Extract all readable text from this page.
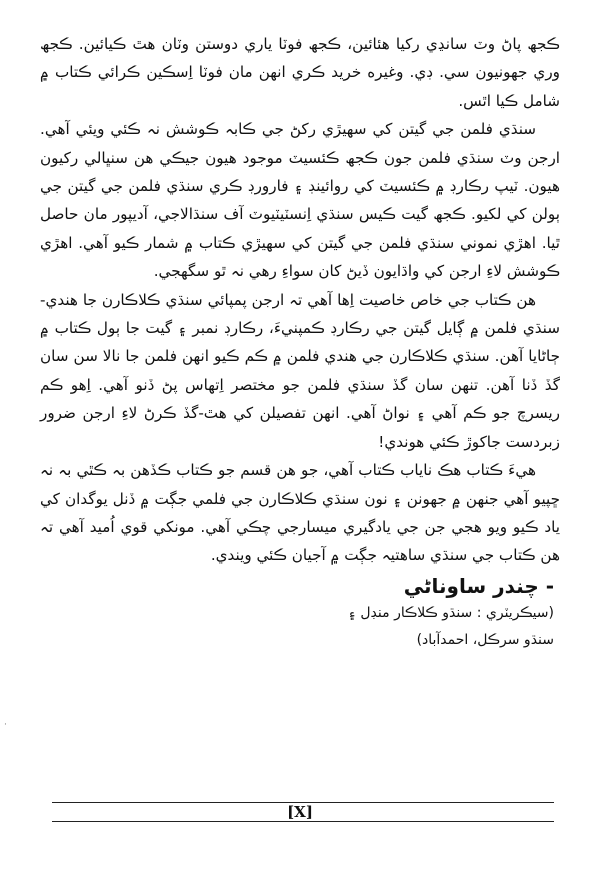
ڪجھ پاڻ وٽ سانڍي رکيا هئائين، ڪجھ فوٽا ياري دوستن وٽان هٿ ڪيائين. ڪجھ وري جهونيون سي. ڊي. وغيره خريد ڪري انهن مان فوٽا اِسڪين ڪرائي ڪتاب ۾ شامل ڪيا اٿس.

سنڌي فلمن جي گيتن کي سهيڙي رکڻ جي ڪابہ ڪوشش نہ ڪئي ويئي آهي. ارجن وٽ سنڌي فلمن جون ڪجھ ڪئسيٽ موجود هيون جيڪي هن سنڀالي رکيون هيون. ٽيپ رڪارڊ ۾ ڪئسيٽ کي روائينڊ ۽ فارورڊ ڪري سنڌي فلمن جي گيتن جي ٻولن کي لکيو. ڪجھ گيت ڪيس سنڌي اِنسٽيٽيوٽ آف سنڌالاجي، آديپور مان حاصل ٿيا. اهڙي نموني سنڌي فلمن جي گيتن کي سهيڙي ڪتاب ۾ شمار ڪيو آهي. اهڙي ڪوشش لاءِ ارجن کي واڌايون ڏيڻ کان سواءِ رهي نہ ٿو سگهجي.

هن ڪتاب جي خاص خاصيت اِها آهي تہ ارجن پمپائي سنڌي ڪلاڪارن جا هندي-سنڌي فلمن ۾ ڳايل گيتن جي رڪارڊ ڪمپنيءَ، رڪارڊ نمبر ۽ گيت جا ٻول ڪتاب ۾ ڄاڻايا آهن. سنڌي ڪلاڪارن جي هندي فلمن ۾ ڪم ڪيو انهن فلمن جا نالا سن سان گڏ ڏنا آهن. تنهن سان گڏ سنڌي فلمن جو مختصر اِتهاس پڻ ڏنو آهي. اِهو ڪم ريسرچ جو ڪم آهي ۽ نواڻ آهي. انهن تفصيلن کي هٿ-گڏ ڪرڻ لاءِ ارجن ضرور زبردست جاکوڙ ڪئي هوندي!

هيءَ ڪتاب هڪ ناياب ڪتاب آهي، جو هن قسم جو ڪتاب ڪڏهن بہ ڪٿي بہ نہ ڇپيو آهي جنهن ۾ جهونن ۽ نون سنڌي ڪلاڪارن جي فلمي جڳت ۾ ڏنل يوگدان کي ياد ڪيو ويو هجي جن جي يادگيري ميسارجي چڪي آهي. مونکي قوي اُميد آهي تہ هن ڪتاب جي سنڌي ساهتيہ جڳت ۾ آجيان ڪئي ويندي.

- چندر ساوناڻي
(سيڪريٽري : سنڌو ڪلاڪار منڊل ۽
سنڌو سرڪل، احمدآباد)
·
[X]
